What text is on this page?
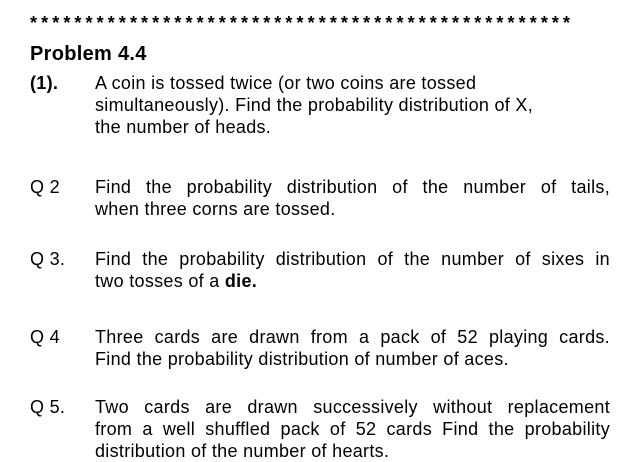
*************************************************
Problem 4.4
(1).	A coin is tossed twice (or two coins are tossed
simultaneously). Find the probability distribution of X,
the number of heads.
Q 2	Find the probability distribution of the number of tails,
when three corns are tossed.
Q 3.	Find the probability distribution of the number of sixes in
two tosses of a die.
Q 4	Three cards are drawn from a pack of 52 playing cards.
Find the probability distribution of number of aces.
Q 5.	Two cards are drawn successively without replacement
from a well shuffled pack of 52 cards Find the probability
distribution of the number of hearts.
